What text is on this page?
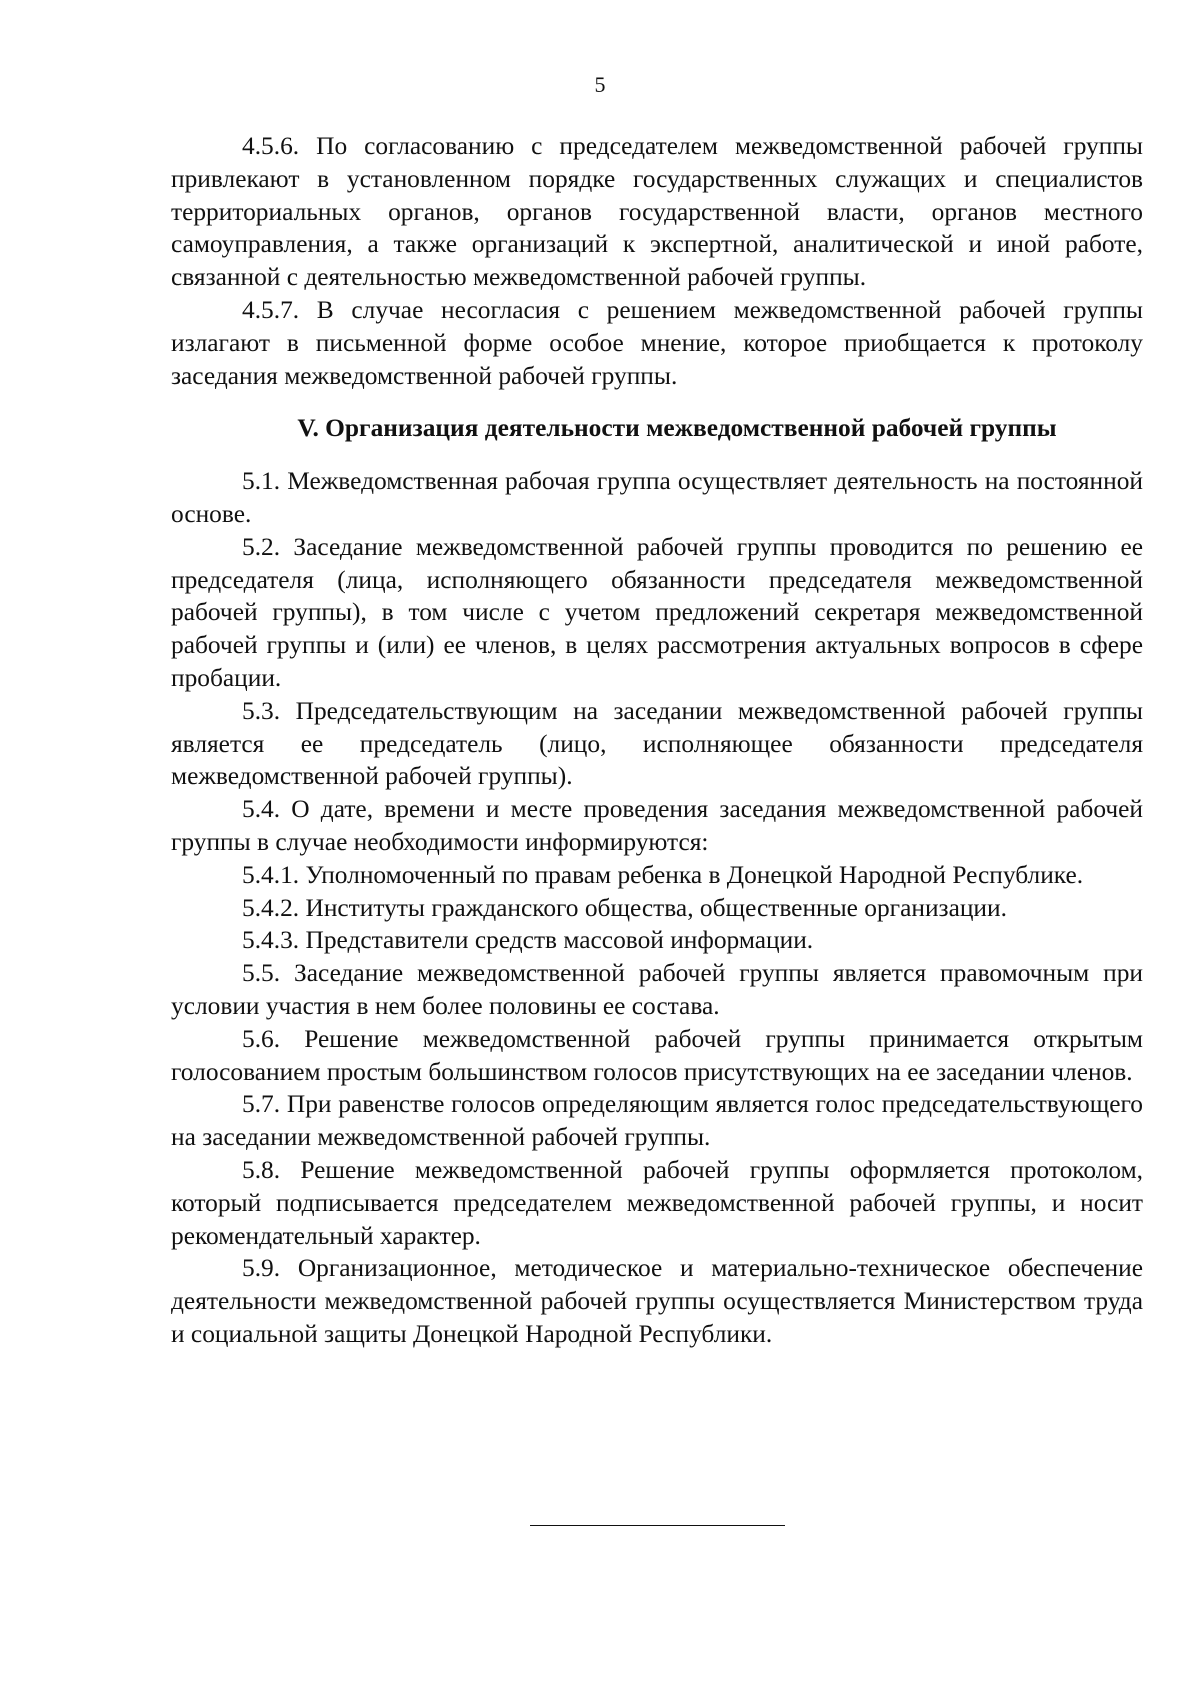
5

4.5.6. По согласованию с председателем межведомственной рабочей группы привлекают в установленном порядке государственных служащих и специалистов территориальных органов, органов государственной власти, органов местного самоуправления, а также организаций к экспертной, аналитической и иной работе, связанной с деятельностью межведомственной рабочей группы.

4.5.7. В случае несогласия с решением межведомственной рабочей группы излагают в письменной форме особое мнение, которое приобщается к протоколу заседания межведомственной рабочей группы.

V. Организация деятельности межведомственной рабочей группы

5.1. Межведомственная рабочая группа осуществляет деятельность на постоянной основе.

5.2. Заседание межведомственной рабочей группы проводится по решению ее председателя (лица, исполняющего обязанности председателя межведомственной рабочей группы), в том числе с учетом предложений секретаря межведомственной рабочей группы и (или) ее членов, в целях рассмотрения актуальных вопросов в сфере пробации.

5.3. Председательствующим на заседании межведомственной рабочей группы является ее председатель (лицо, исполняющее обязанности председателя межведомственной рабочей группы).

5.4. О дате, времени и месте проведения заседания межведомственной рабочей группы в случае необходимости информируются:

5.4.1. Уполномоченный по правам ребенка в Донецкой Народной Республике.

5.4.2. Институты гражданского общества, общественные организации.

5.4.3. Представители средств массовой информации.

5.5. Заседание межведомственной рабочей группы является правомочным при условии участия в нем более половины ее состава.

5.6. Решение межведомственной рабочей группы принимается открытым голосованием простым большинством голосов присутствующих на ее заседании членов.

5.7. При равенстве голосов определяющим является голос председательствующего на заседании межведомственной рабочей группы.

5.8. Решение межведомственной рабочей группы оформляется протоколом, который подписывается председателем межведомственной рабочей группы, и носит рекомендательный характер.

5.9. Организационное, методическое и материально-техническое обеспечение деятельности межведомственной рабочей группы осуществляется Министерством труда и социальной защиты Донецкой Народной Республики.
